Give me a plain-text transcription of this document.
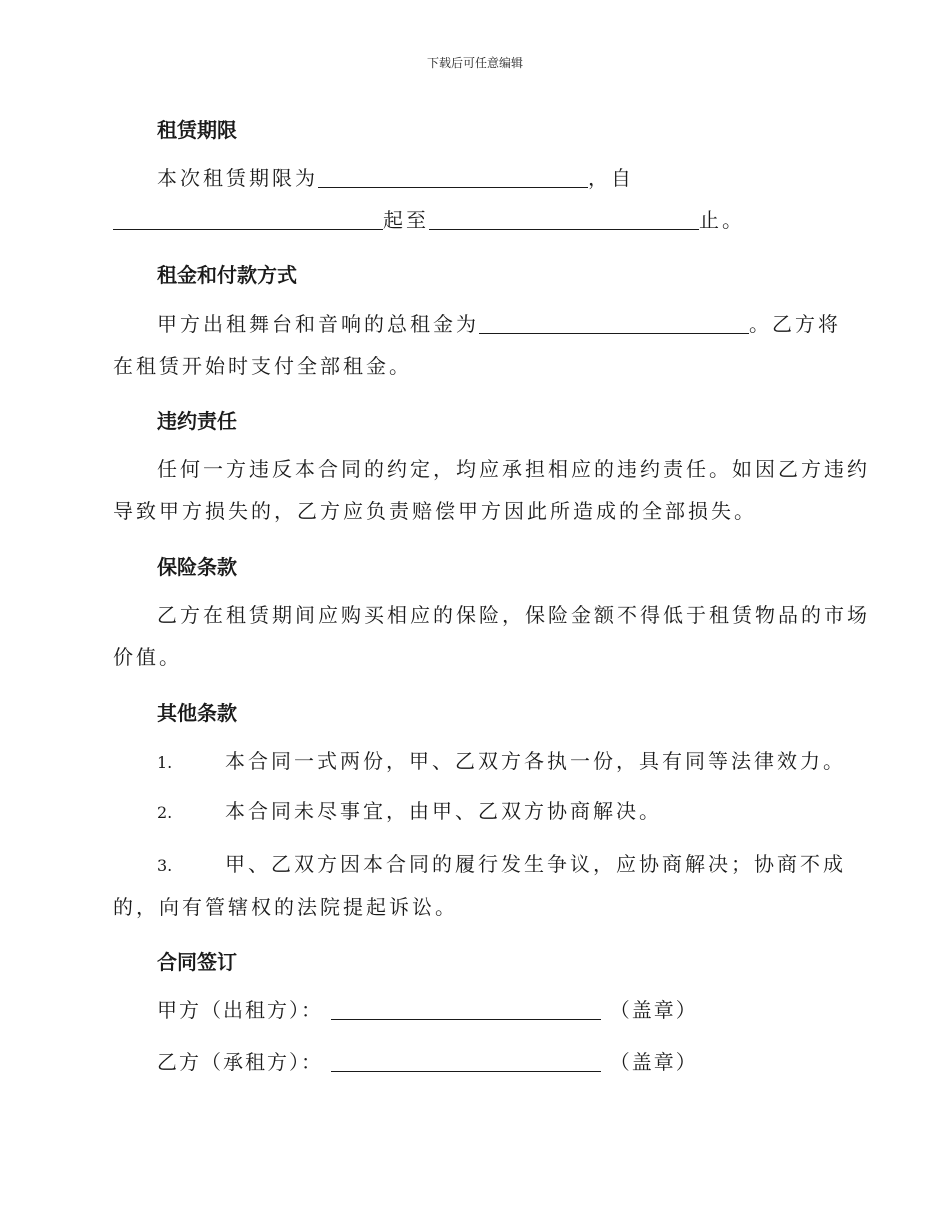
下载后可任意编辑
租赁期限
本次租赁期限为	，自
起至	止。
租金和付款方式
甲方出租舞台和音响的总租金为	。乙方将
在租赁开始时支付全部租金。
违约责任
任何一方违反本合同的约定，均应承担相应的违约责任。如因乙方违约
导致甲方损失的，乙方应负责赔偿甲方因此所造成的全部损失。
保险条款
乙方在租赁期间应购买相应的保险，保险金额不得低于租赁物品的市场
价值。
其他条款
1.	本合同一式两份，甲、乙双方各执一份，具有同等法律效力。
2.	本合同未尽事宜，由甲、乙双方协商解决。
3.	甲、乙双方因本合同的履行发生争议，应协商解决；协商不成
的，向有管辖权的法院提起诉讼。
合同签订
甲方（出租方）：	（盖章）
乙方（承租方）：	（盖章）
